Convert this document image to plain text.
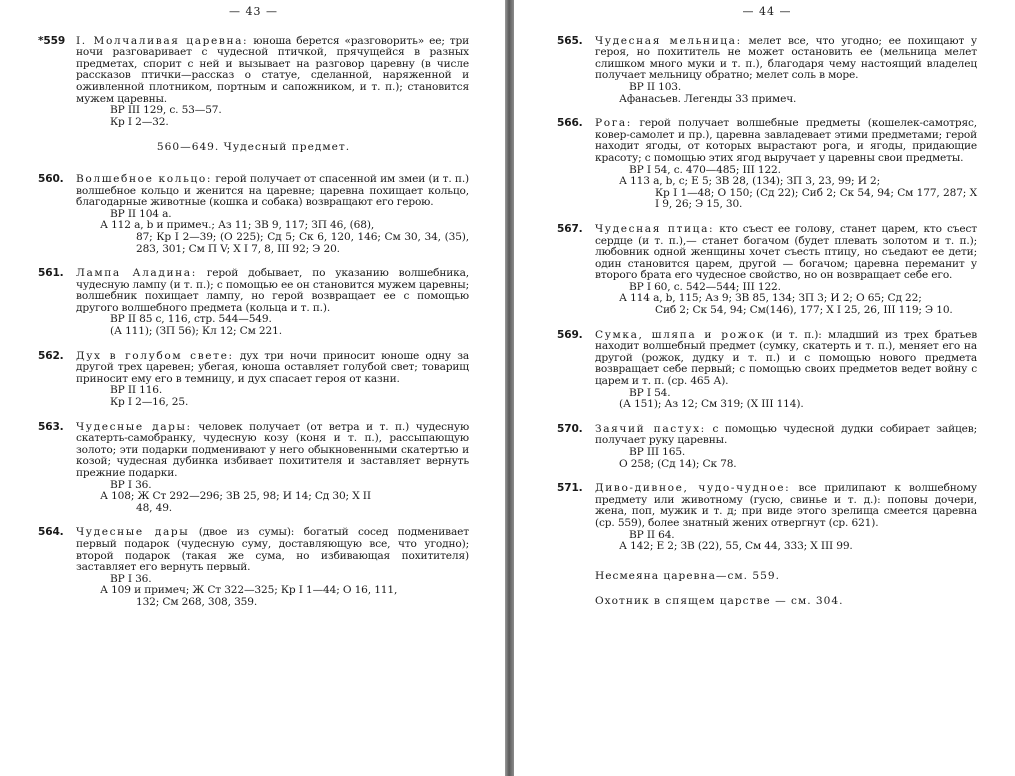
— 43 —
*559	I. Молчаливая царевна: юноша берется «разговорить» ее; три ночи разговаривает с чудесной птичкой, прячущейся в разных предметах, спорит с ней и вызывает на разговор царевну (в числе рассказов птички—рассказ о статуе, сделанной, наряженной и оживленной плотником, портным и сапожником, и т. п.); становится мужем царевны.
ВР III 129, с. 53—57.
Кр I 2—32.
560—649. Чудесный предмет.
560.	Волшебное кольцо: герой получает от спасенной им змеи (и т. п.) волшебное кольцо и женится на царевне; царевна похищает кольцо, благодарные животные (кошка и собака) возвращают его герою.
ВР II 104 а.
А 112 а, b и примеч.; Аз 11; ЗВ 9, 117; ЗП 46, (68),
87; Кр I 2—39; (О 225); Сд 5; Ск 6, 120, 146; См 30, 34, (35), 283, 301; См П V; Х I 7, 8, III 92; Э 20.
561.	Лампа Аладина: герой добывает, по указанию волшебника, чудесную лампу (и т. п.); с помощью ее он становится мужем царевны; волшебник похищает лампу, но герой возвращает ее с помощью другого волшебного предмета (кольца и т. п.).
ВР II 85 с, 116, стр. 544—549.
(А 111); (ЗП 56); Кл 12; См 221.
562.	Дух в голубом свете: дух три ночи приносит юноше одну за другой трех царевен; убегая, юноша оставляет голубой свет; товарищ приносит ему его в темницу, и дух спасает героя от казни.
ВР II 116.
Кр I 2—16, 25.
563.	Чудесные дары: человек получает (от ветра и т. п.) чудесную скатерть-самобранку, чудесную козу (коня и т. п.), рассыпающую золото; эти подарки подменивают у него обыкновенными скатертью и козой; чудесная дубинка избивает похитителя и заставляет вернуть прежние подарки.
ВР I 36.
А 108; Ж Ст 292—296; ЗВ 25, 98; И 14; Сд 30; Х II
48, 49.
564.	Чудесные дары (двое из сумы): богатый сосед подменивает первый подарок (чудесную суму, доставляющую все, что угодно); второй подарок (такая же сума, но избивающая похитителя) заставляет его вернуть первый.
ВР I 36.
А 109 и примеч; Ж Ст 322—325; Кр I 1—44; О 16, 111,
132; См 268, 308, 359.
— 44 —
565.	Чудесная мельница: мелет все, что угодно; ее похищают у героя, но похититель не может остановить ее (мельница мелет слишком много муки и т. п.), благодаря чему настоящий владелец получает мельницу обратно; мелет соль в море.
ВР II 103.
Афанасьев. Легенды 33 примеч.
566.	Рога: герой получает волшебные предметы (кошелек-самотряс, ковер-самолет и пр.), царевна завладевает этими предметами; герой находит ягоды, от которых вырастают рога, и ягоды, придающие красоту; с помощью этих ягод выручает у царевны свои предметы.
ВР I 54, с. 470—485; III 122.
А 113 а, b, с; Е 5; ЗВ 28, (134); ЗП 3, 23, 99; И 2;
Кр I 1—48; О 150; (Сд 22); Сиб 2; Ск 54, 94; См 177, 287; Х I 9, 26; Э 15, 30.
567.	Чудесная птица: кто съест ее голову, станет царем, кто съест сердце (и т. п.),— станет богачом (будет плевать золотом и т. п.); любовник одной женщины хочет съесть птицу, но съедают ее дети; один становится царем, другой — богачом; царевна переманит у второго брата его чудесное свойство, но он возвращает себе его.
ВР I 60, с. 542—544; III 122.
А 114 а, b, 115; Аз 9; ЗВ 85, 134; ЗП 3; И 2; О 65; Сд 22;
Сиб 2; Ск 54, 94; См(146), 177; Х I 25, 26, III 119; Э 10.
569.	Сумка, шляпа и рожок (и т. п.): младший из трех братьев находит волшебный предмет (сумку, скатерть и т. п.), меняет его на другой (рожок, дудку и т. п.) и с помощью нового предмета возвращает себе первый; с помощью своих предметов ведет войну с царем и т. п. (ср. 465 А).
ВР I 54.
(А 151); Аз 12; См 319; (Х III 114).
570.	Заячий пастух: с помощью чудесной дудки собирает зайцев; получает руку царевны.
ВР III 165.
О 258; (Сд 14); Ск 78.
571.	Диво-дивное, чудо-чудное: все прилипают к волшебному предмету или животному (гусю, свинье и т. д.): поповы дочери, жена, поп, мужик и т. д; при виде этого зрелища смеется царевна (ср. 559), более знатный жених отвергнут (ср. 621).
ВР II 64.
А 142; Е 2; ЗВ (22), 55, См 44, 333; Х III 99.
Несмеяна царевна—см. 559.
Охотник в спящем царстве — см. 304.
